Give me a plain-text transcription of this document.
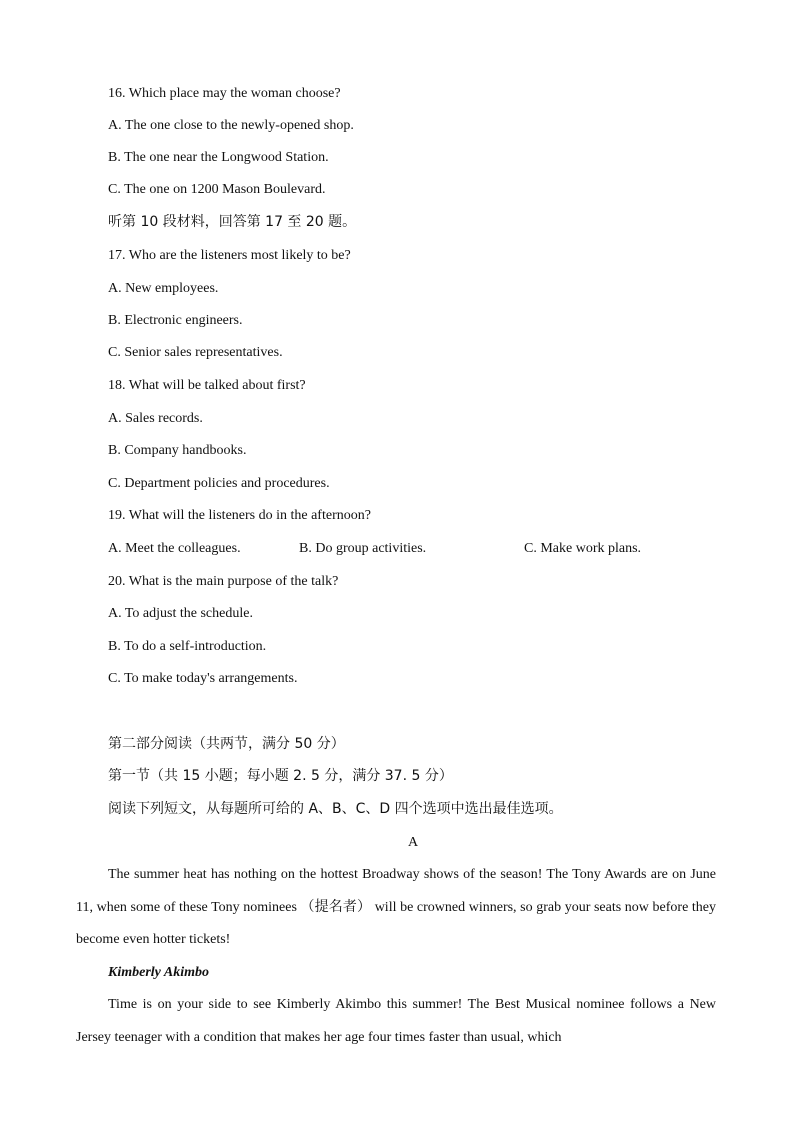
16. Which place may the woman choose?

A. The one close to the newly-opened shop.

B. The one near the Longwood Station.

C. The one on 1200 Mason Boulevard.

听第 10 段材料，回答第 17 至 20 题。

17. Who are the listeners most likely to be?

A. New employees.

B. Electronic engineers.

C. Senior sales representatives.

18. What will be talked about first?

A. Sales records.

B. Company handbooks.

C. Department policies and procedures.

19. What will the listeners do in the afternoon?

A. Meet the colleagues.	B. Do group activities.	C. Make work plans.

20. What is the main purpose of the talk?

A. To adjust the schedule.

B. To do a self-introduction.

C. To make today's arrangements.

第二部分阅读（共两节，满分 50 分）

第一节（共 15 小题；每小题 2. 5 分，满分 37. 5 分）

阅读下列短文，从每题所可给的 A、B、C、D 四个选项中选出最佳选项。

A

The summer heat has nothing on the hottest Broadway shows of the season! The Tony Awards are on June 11, when some of these Tony nominees （提名者） will be crowned winners, so grab your seats now before they become even hotter tickets!

Kimberly Akimbo

Time is on your side to see Kimberly Akimbo this summer! The Best Musical nominee follows a New Jersey teenager with a condition that makes her age four times faster than usual, which
